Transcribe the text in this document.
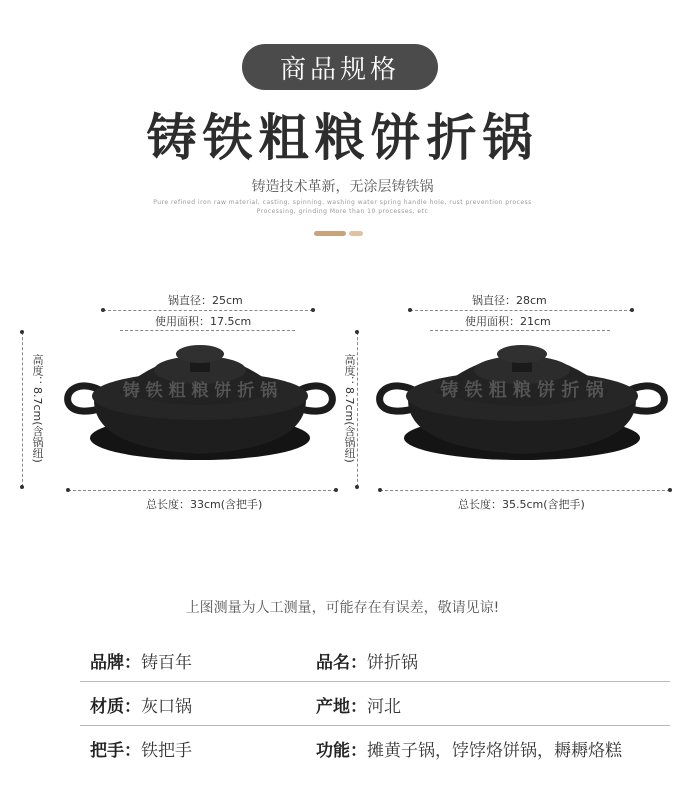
商品规格
铸铁粗粮饼折锅
铸造技术革新，无涂层铸铁锅
Pure refined iron raw material, casting, spinning, washing water spring handle hole, rust prevention process
Processing, grinding More than 10 processes, etc
锅直径：25cm
使用面积：17.5cm
高度：8.7cm(含锅纽)
总长度：33cm(含把手)
铸 铁 粗 粮 饼 折 锅
锅直径：28cm
使用面积：21cm
高度：8.7cm(含锅纽)
总长度：35.5cm(含把手)
铸 铁 粗 粮 饼 折 锅
上图测量为人工测量，可能存在有误差，敬请见谅!
品牌：铸百年	品名：饼折锅
材质：灰口锅	产地：河北
把手：铁把手	功能：摊黄子锅，饽饽烙饼锅，耨耨烙糕
